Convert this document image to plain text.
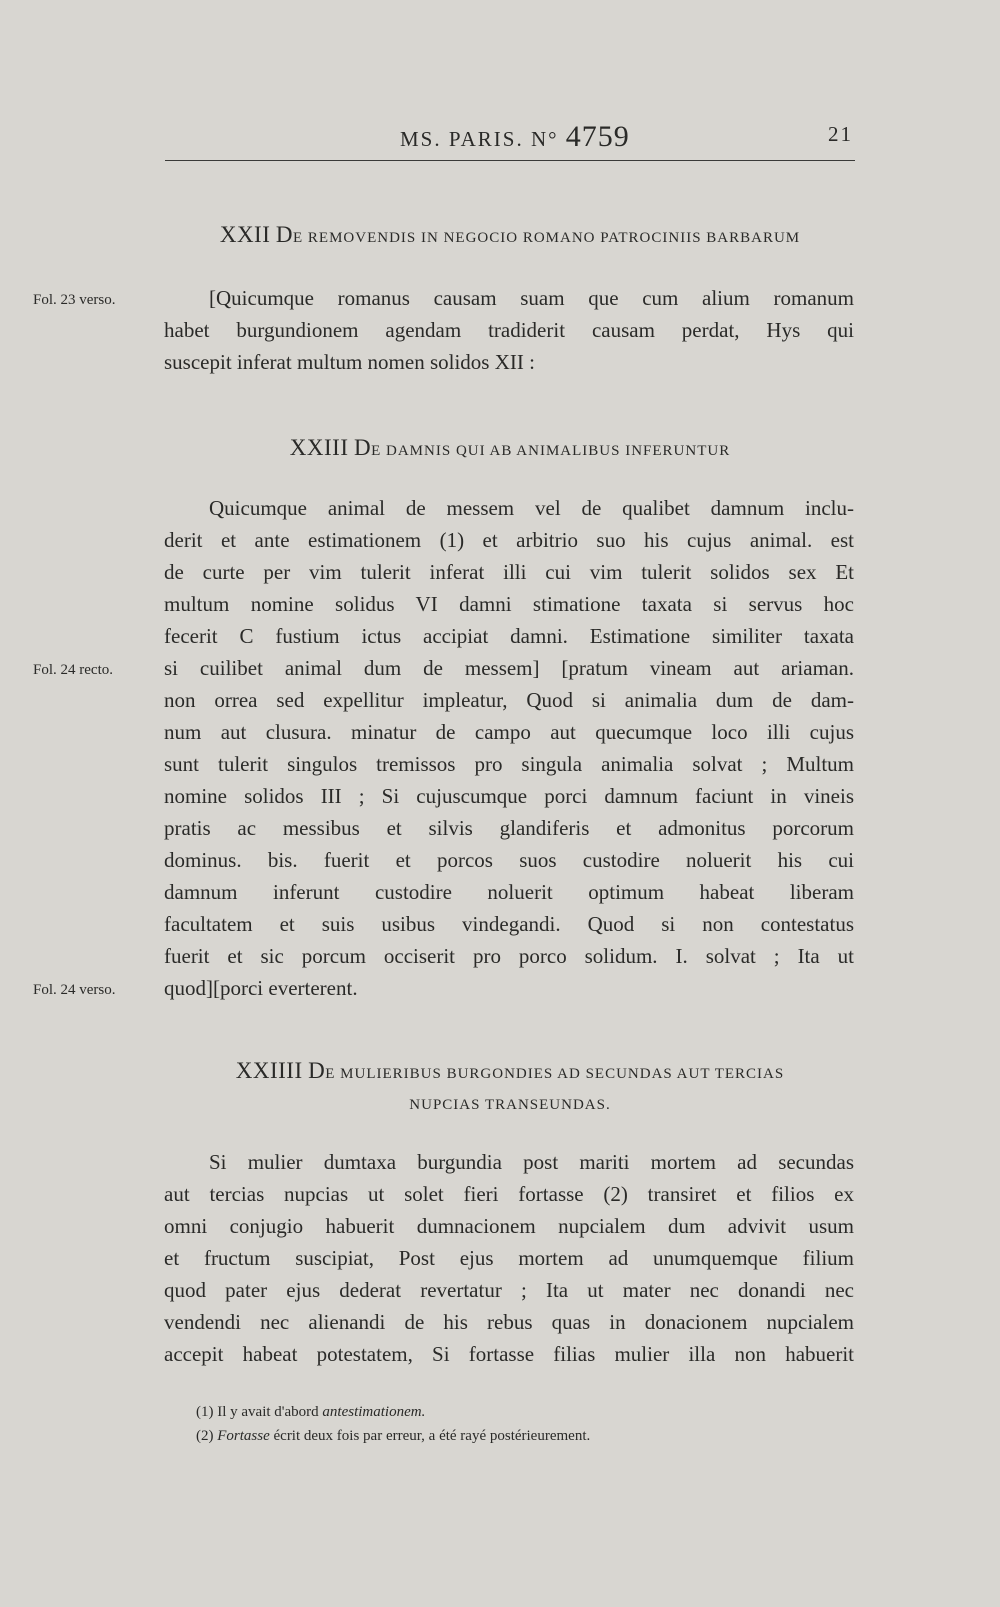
MS. PARIS. N° 4759	21
XXII DE REMOVENDIS IN NEGOCIO ROMANO PATROCINIIS BARBARUM
Fol. 23 verso.	[Quicumque romanus causam suam que cum alium romanum
habet burgundionem agendam tradiderit causam perdat, Hys qui
suscepit inferat multum nomen solidos XII :
XXIII DE DAMNIS QUI AB ANIMALIBUS INFERUNTUR
Quicumque animal de messem vel de qualibet damnum inclu-
derit et ante estimationem (1) et arbitrio suo his cujus animal. est
de curte per vim tulerit inferat illi cui vim tulerit solidos sex Et
multum nomine solidus VI damni stimatione taxata si servus hoc
fecerit C fustium ictus accipiat damni. Estimatione similiter taxata
Fol. 24 recto. si cuilibet animal dum de messem] [pratum vineam aut ariaman.
non orrea sed expellitur impleatur, Quod si animalia dum de dam-
num aut clusura. minatur de campo aut quecumque loco illi cujus
sunt tulerit singulos tremissos pro singula animalia solvat ; Multum
nomine solidos III ; Si cujuscumque porci damnum faciunt in vineis
pratis ac messibus et silvis glandiferis et admonitus porcorum
dominus. bis. fuerit et porcos suos custodire noluerit his cui
damnum inferunt custodire noluerit optimum habeat liberam
facultatem et suis usibus vindegandi. Quod si non contestatus
fuerit et sic porcum occiserit pro porco solidum. I. solvat ; Ita ut
Fol. 24 verso. quod][porci everterent.
XXIIII DE MULIERIBUS BURGONDIES AD SECUNDAS AUT TERCIAS
NUPCIAS TRANSEUNDAS.
Si mulier dumtaxa burgundia post mariti mortem ad secundas
aut tercias nupcias ut solet fieri fortasse (2) transiret et filios ex
omni conjugio habuerit dumnacionem nupcialem dum advivit usum
et fructum suscipiat, Post ejus mortem ad unumquemque filium
quod pater ejus dederat revertatur ; Ita ut mater nec donandi nec
vendendi nec alienandi de his rebus quas in donacionem nupcialem
accepit habeat potestatem, Si fortasse filias mulier illa non habuerit
(1) Il y avait d'abord antestimationem.
(2) Fortasse écrit deux fois par erreur, a été rayé postérieurement.
